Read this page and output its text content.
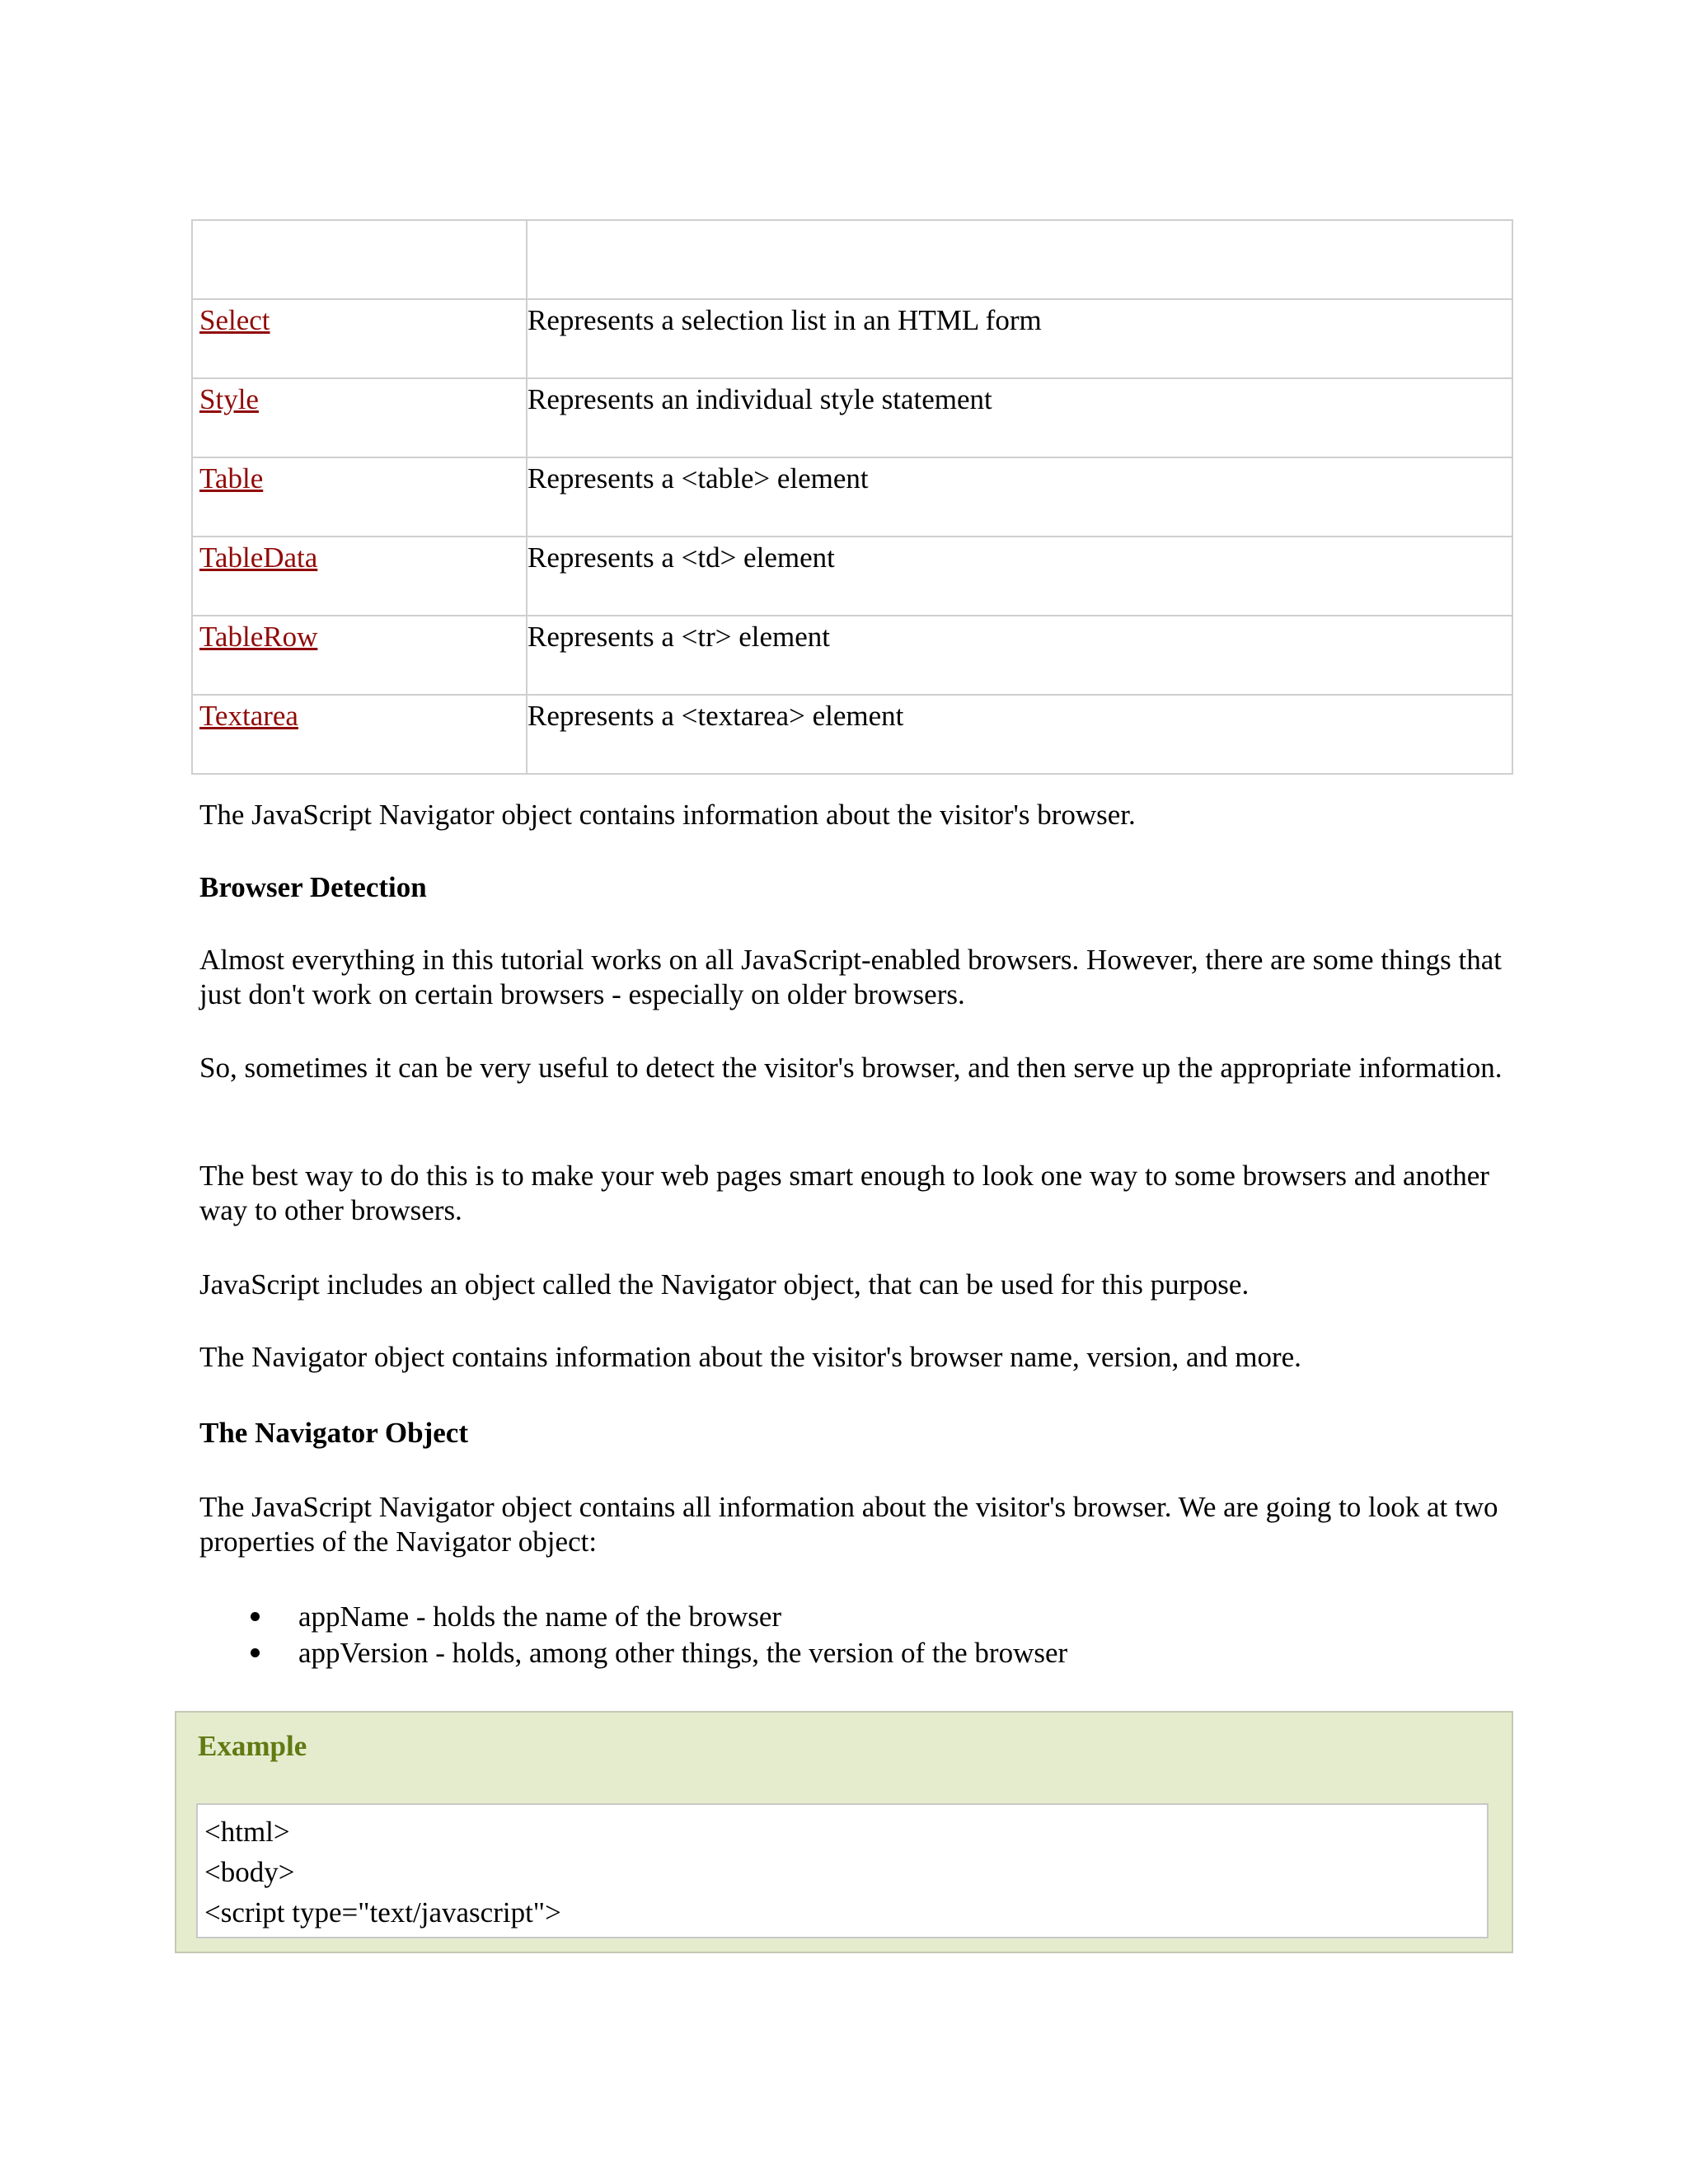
Select	Represents a selection list in an HTML form
Style	Represents an individual style statement
Table	Represents a <table> element
TableData	Represents a <td> element
TableRow	Represents a <tr> element
Textarea	Represents a <textarea> element

The JavaScript Navigator object contains information about the visitor's browser.

Browser Detection

Almost everything in this tutorial works on all JavaScript-enabled browsers. However, there are some things that just don't work on certain browsers - especially on older browsers.

So, sometimes it can be very useful to detect the visitor's browser, and then serve up the appropriate information.

The best way to do this is to make your web pages smart enough to look one way to some browsers and another way to other browsers.

JavaScript includes an object called the Navigator object, that can be used for this purpose.

The Navigator object contains information about the visitor's browser name, version, and more.

The Navigator Object

The JavaScript Navigator object contains all information about the visitor's browser. We are going to look at two properties of the Navigator object:

appName - holds the name of the browser
appVersion - holds, among other things, the version of the browser
Example
<html>
<body>
<script type="text/javascript">
